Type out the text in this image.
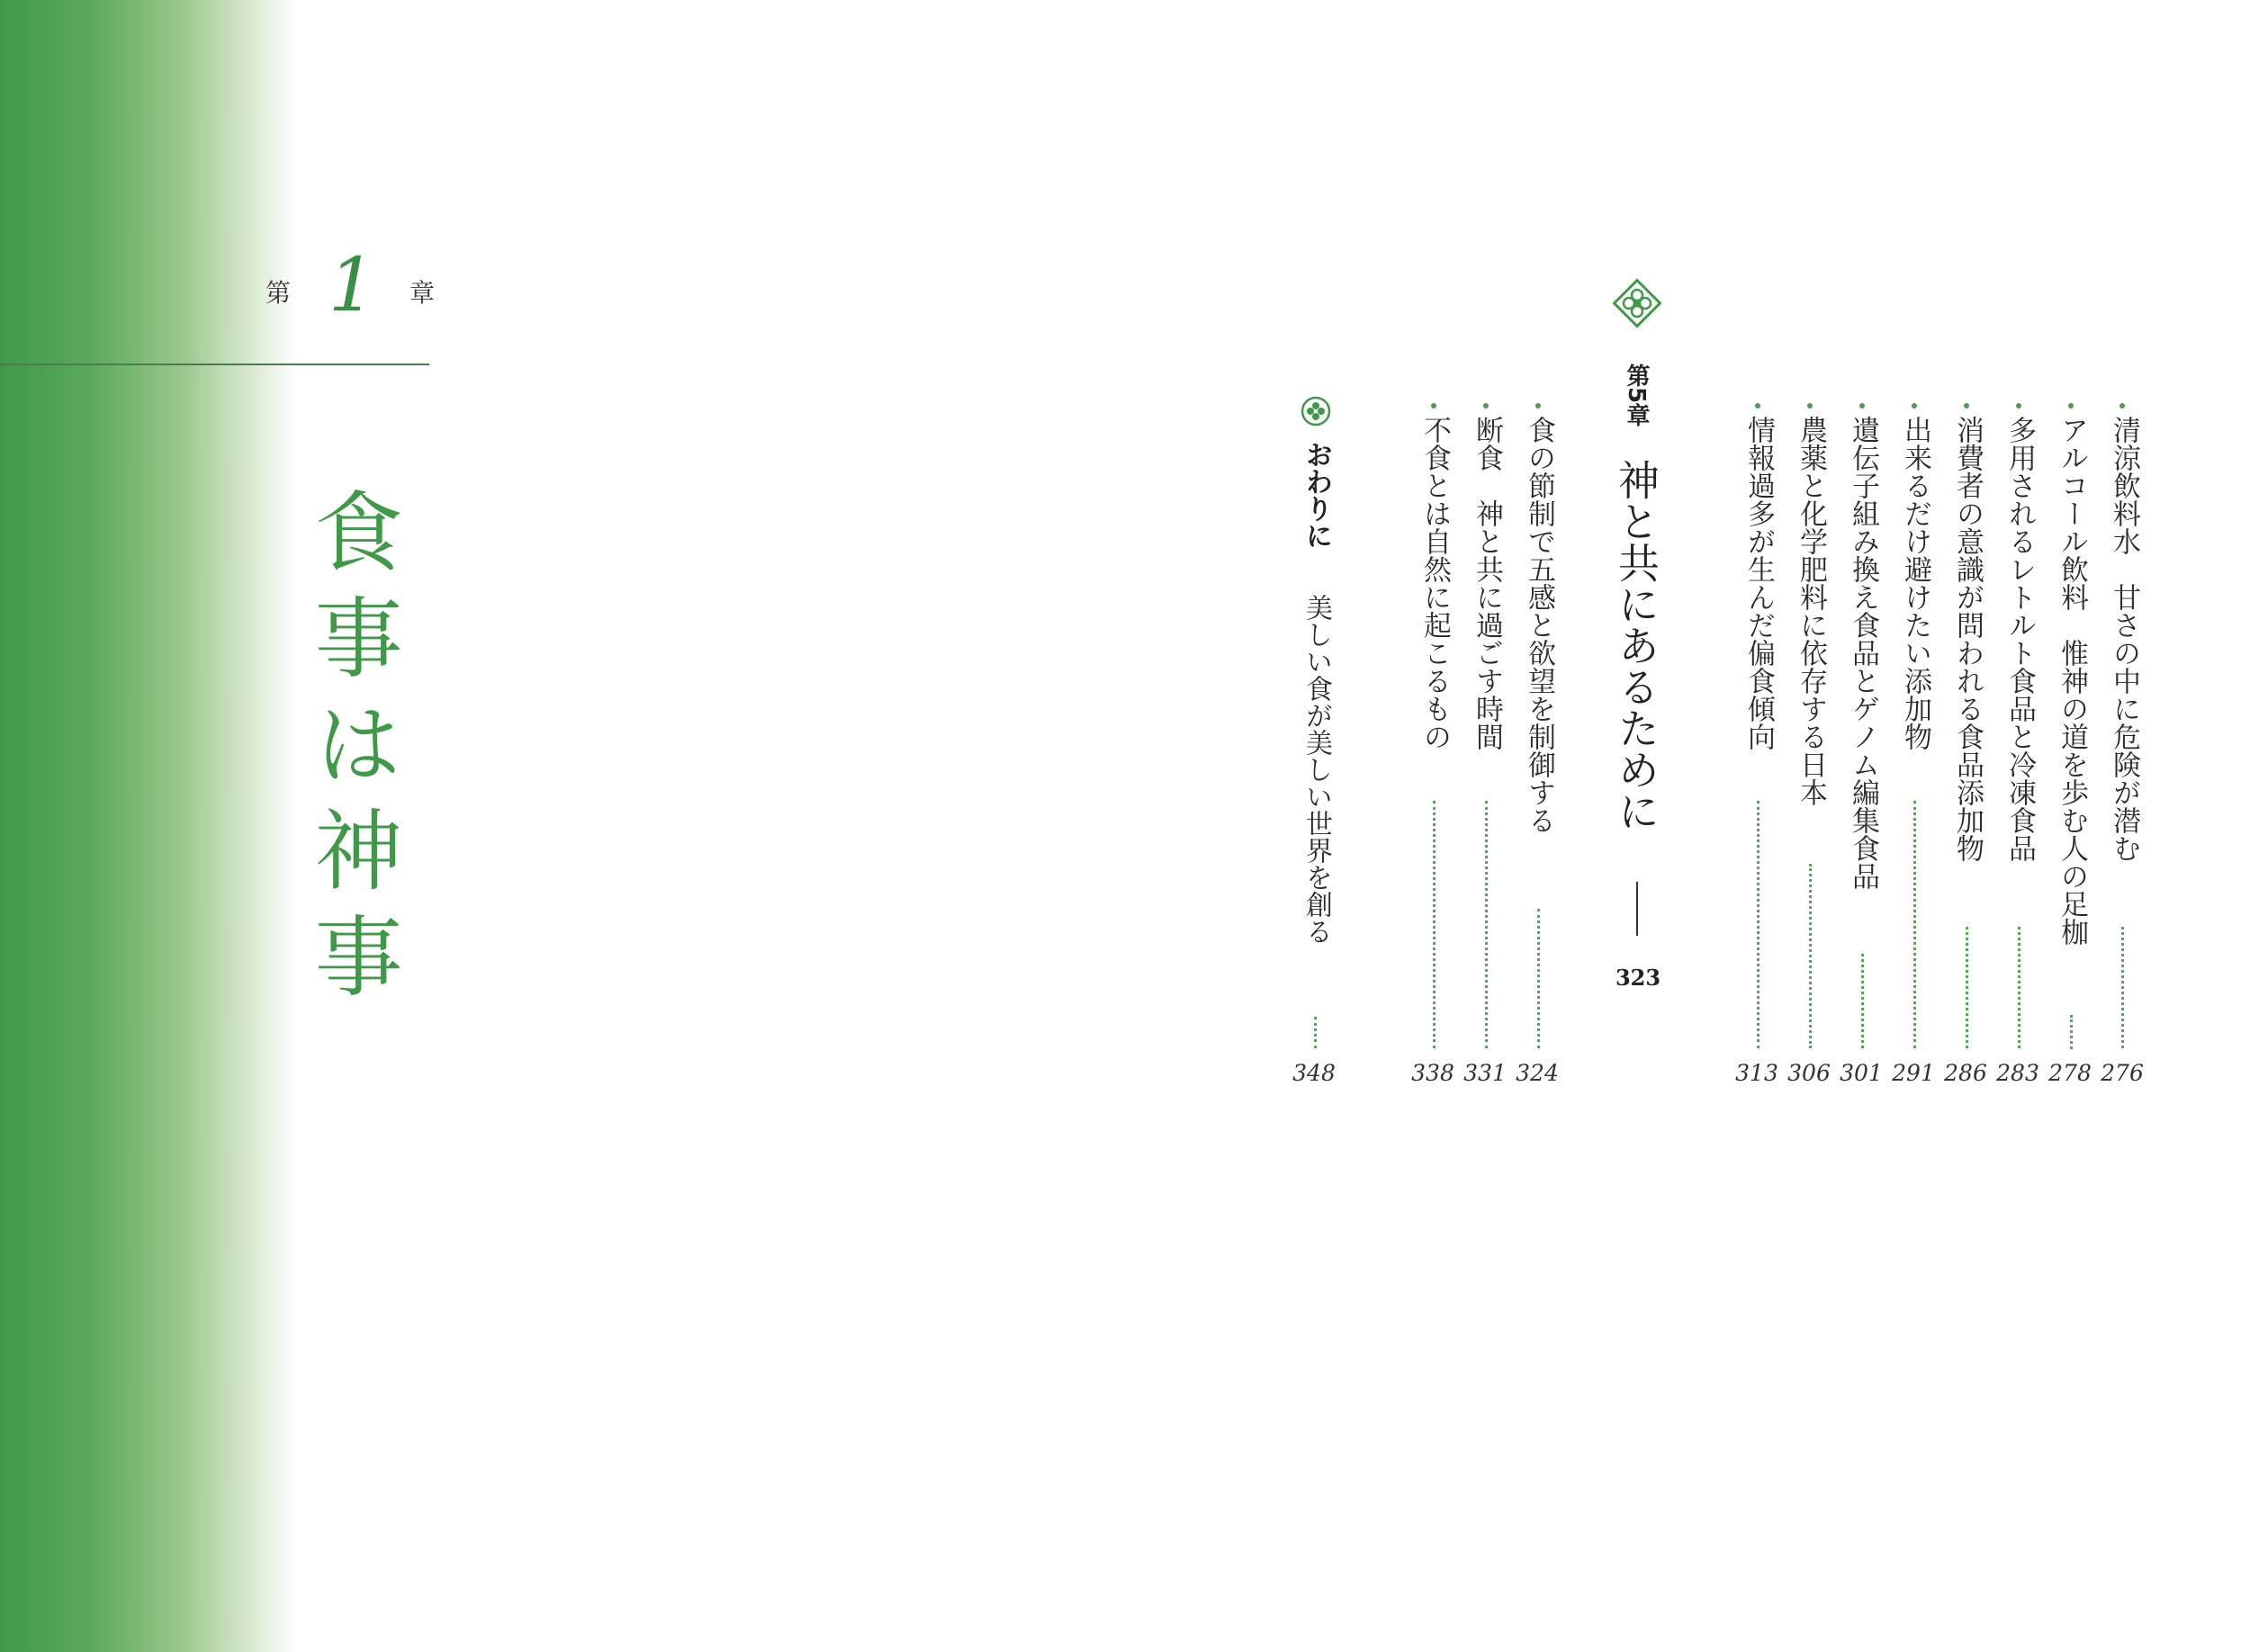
第 1 章
食事は神事	清涼飲料水　甘さの中に危険が潜む
276
アルコール飲料　惟神の道を歩む人の足枷
278
多用されるレトルト食品と冷凍食品
283
消費者の意識が問われる食品添加物
286
出来るだけ避けたい添加物
291
遺伝子組み換え食品とゲノム編集食品
301
農薬と化学肥料に依存する日本
306
情報過多が生んだ偏食傾向
313
第5章
神と共にあるために
323
食の節制で五感と欲望を制御する
324
断食　神と共に過ごす時間
331
不食とは自然に起こるもの
338
おわりに
美しい食が美しい世界を創る
348
